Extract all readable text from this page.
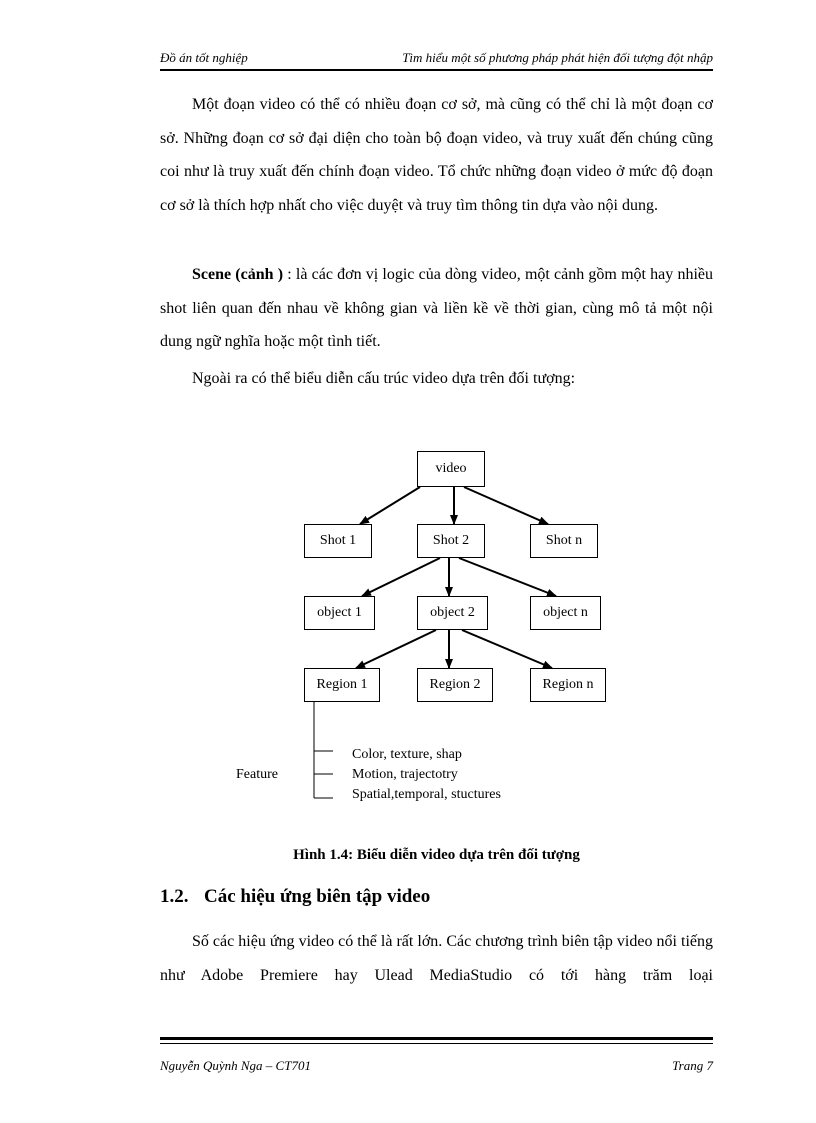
Đồ án tốt nghiệp	Tìm hiểu một số phương pháp phát hiện đối tượng đột nhập

Một đoạn video có thể có nhiều đoạn cơ sở, mà cũng có thể chỉ là một đoạn cơ sở. Những đoạn cơ sở đại diện cho toàn bộ đoạn video, và truy xuất đến chúng cũng coi như là truy xuất đến chính đoạn video. Tổ chức những đoạn video ở mức độ đoạn cơ sở là thích hợp nhất cho việc duyệt và truy tìm thông tin dựa vào nội dung.

Scene (cảnh ) : là các đơn vị logic của dòng video, một cảnh gồm một hay nhiều shot liên quan đến nhau về không gian và liền kề về thời gian, cùng mô tả một nội dung ngữ nghĩa hoặc một tình tiết.

Ngoài ra có thể biểu diễn cấu trúc video dựa trên đối tượng:

video
Shot 1	Shot 2	Shot n
object 1	object 2	object n
Region 1	Region 2	Region n
Feature
Color, texture, shap
Motion, trajectotry
Spatial,temporal, stuctures
Hình 1.4: Biểu diễn video dựa trên đối tượng
1.2. Các hiệu ứng biên tập video

Số các hiệu ứng video có thể là rất lớn. Các chương trình biên tập video nổi tiếng như Adobe Premiere hay Ulead MediaStudio có tới hàng trăm loại

Nguyễn Quỳnh Nga – CT701	Trang 7
